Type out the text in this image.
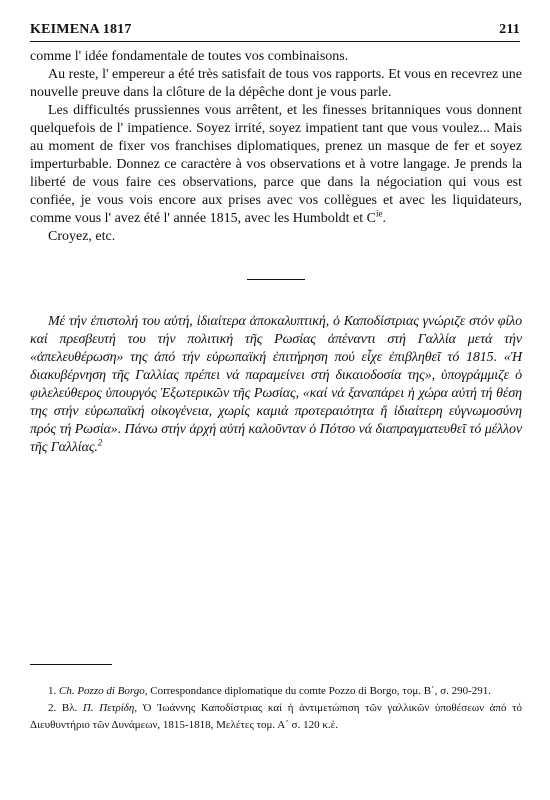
ΚΕΙΜΕΝΑ 1817	211

comme l' idée fondamentale de toutes vos combinaisons.

Au reste, l' empereur a été très satisfait de tous vos rapports. Et vous en recevrez une nouvelle preuve dans la clôture de la dépêche dont je vous parle.

Les difficultés prussiennes vous arrêtent, et les finesses britanniques vous donnent quelquefois de l' impatience. Soyez irrité, soyez impatient tant que vous voulez... Mais au moment de fixer vos franchises diplomatiques, prenez un masque de fer et soyez imperturbable. Donnez ce caractère à vos observations et à votre langage. Je prends la liberté de vous faire ces observations, parce que dans la négociation qui vous est confiée, je vous vois encore aux prises avec vos collègues et avec les liquidateurs, comme vous l' avez été l' année 1815, avec les Humboldt et $C^{ie}$.

Croyez, etc.

Μέ τήν ἐπιστολή του αὐτή, ἰδιαίτερα ἀποκαλυπτική, ὁ Καποδίστριας γνώριζε στόν φίλο καί πρεσβευτή του τήν πολιτική τῆς Ρωσίας ἀπέναντι στή Γαλλία μετά τήν «ἀπελευθέρωση» της ἀπό τήν εὐρωπαϊκή ἐπιτήρηση πού εἶχε ἐπιβληθεῖ τό 1815. «Ἡ διακυβέρνηση τῆς Γαλλίας πρέπει νά παραμείνει στή δικαιοδοσία της», ὑπογράμμιζε ὁ φιλελεύθερος ὑπουργός Ἐξωτερικῶν τῆς Ρωσίας, «καί νά ξαναπάρει ἡ χώρα αὐτή τή θέση της στήν εὐρωπαϊκή οἰκογένεια, χωρίς καμιά προτεραιότητα ἤ ἰδιαίτερη εὐγνωμοσύνη πρός τή Ρωσία». Πάνω στήν ἀρχή αὐτή καλοῦνταν ὁ Πότσο νά διαπραγματευθεῖ τό μέλλον τῆς Γαλλίας.$^2$

1. Ch. Pozzo di Borgo, Correspondance diplomatique du comte Pozzo di Borgo, τομ. Β΄, σ. 290-291.

2. Βλ. Π. Πετρίδη, Ὁ Ἰωάννης Καποδίστριας καί ἡ ἀντιμετώπιση τῶν γαλλικῶν ὑποθέσεων ἀπό τό Διευθυντήριο τῶν Δυνάμεων, 1815-1818, Μελέτες τομ. Α΄ σ. 120 κ.ἑ.
